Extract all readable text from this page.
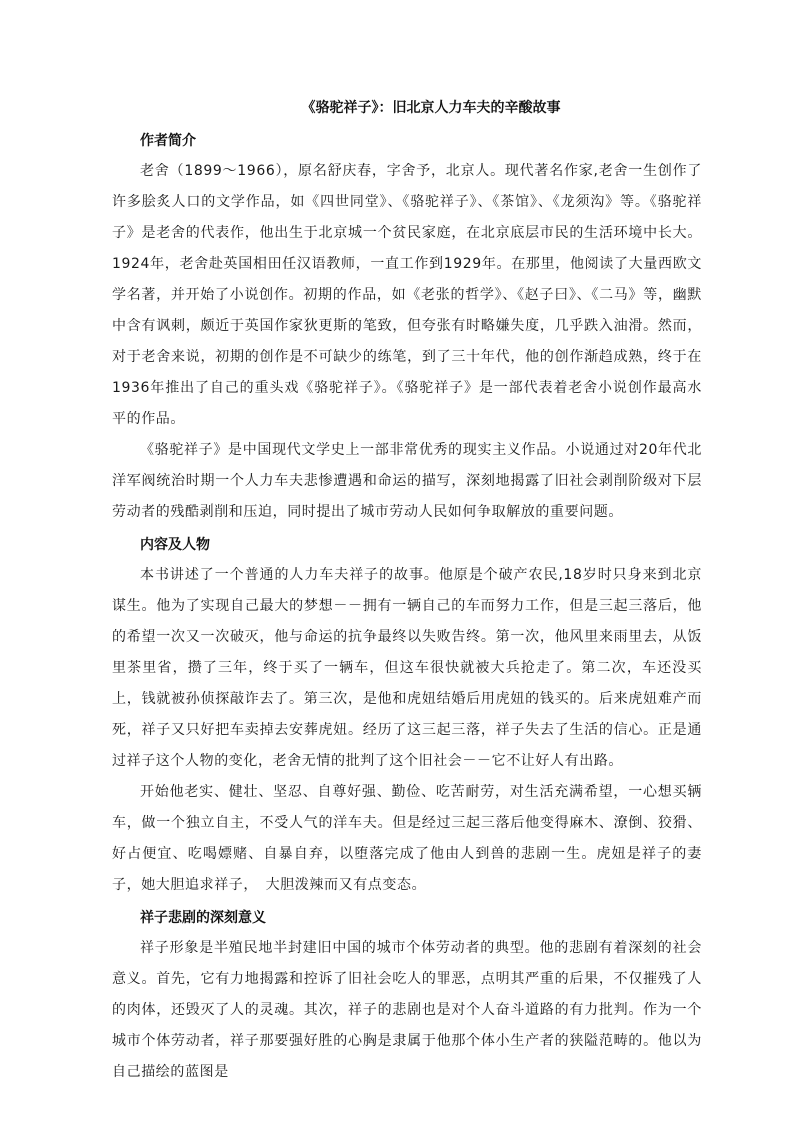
《骆驼祥子》：旧北京人力车夫的辛酸故事
作者简介

老舍（1899～1966），原名舒庆春，字舍予，北京人。现代著名作家,老舍一生创作了许多脍炙人口的文学作品，如《四世同堂》、《骆驼祥子》、《茶馆》、《龙须沟》等。《骆驼祥子》是老舍的代表作，他出生于北京城一个贫民家庭，在北京底层市民的生活环境中长大。1924年，老舍赴英国相田任汉语教师，一直工作到1929年。在那里，他阅读了大量西欧文学名著，并开始了小说创作。初期的作品，如《老张的哲学》、《赵子曰》、《二马》等，幽默中含有讽刺，颇近于英国作家狄更斯的笔致，但夸张有时略嫌失度，几乎跌入油滑。然而，对于老舍来说，初期的创作是不可缺少的练笔，到了三十年代，他的创作渐趋成熟，终于在1936年推出了自己的重头戏《骆驼祥子》。《骆驼祥子》是一部代表着老舍小说创作最高水平的作品。

《骆驼祥子》是中国现代文学史上一部非常优秀的现实主义作品。小说通过对20年代北洋军阀统治时期一个人力车夫悲惨遭遇和命运的描写，深刻地揭露了旧社会剥削阶级对下层劳动者的残酷剥削和压迫，同时提出了城市劳动人民如何争取解放的重要问题。

内容及人物

本书讲述了一个普通的人力车夫祥子的故事。他原是个破产农民,18岁时只身来到北京谋生。他为了实现自己最大的梦想－－拥有一辆自己的车而努力工作，但是三起三落后，他的希望一次又一次破灭，他与命运的抗争最终以失败告终。第一次，他风里来雨里去，从饭里茶里省，攒了三年，终于买了一辆车，但这车很快就被大兵抢走了。第二次，车还没买上，钱就被孙侦探敲诈去了。第三次，是他和虎妞结婚后用虎妞的钱买的。后来虎妞难产而死，祥子又只好把车卖掉去安葬虎妞。经历了这三起三落，祥子失去了生活的信心。正是通过祥子这个人物的变化，老舍无情的批判了这个旧社会－－它不让好人有出路。

开始他老实、健壮、坚忍、自尊好强、勤俭、吃苦耐劳，对生活充满希望，一心想买辆车，做一个独立自主，不受人气的洋车夫。但是经过三起三落后他变得麻木、潦倒、狡猾、好占便宜、吃喝嫖赌、自暴自弃，以堕落完成了他由人到兽的悲剧一生。虎妞是祥子的妻子，她大胆追求祥子，　大胆泼辣而又有点变态。

祥子悲剧的深刻意义

祥子形象是半殖民地半封建旧中国的城市个体劳动者的典型。他的悲剧有着深刻的社会意义。首先，它有力地揭露和控诉了旧社会吃人的罪恶，点明其严重的后果，不仅摧残了人的肉体，还毁灭了人的灵魂。其次，祥子的悲剧也是对个人奋斗道路的有力批判。作为一个城市个体劳动者，祥子那要强好胜的心胸是隶属于他那个体小生产者的狭隘范畴的。他以为自己描绘的蓝图是
